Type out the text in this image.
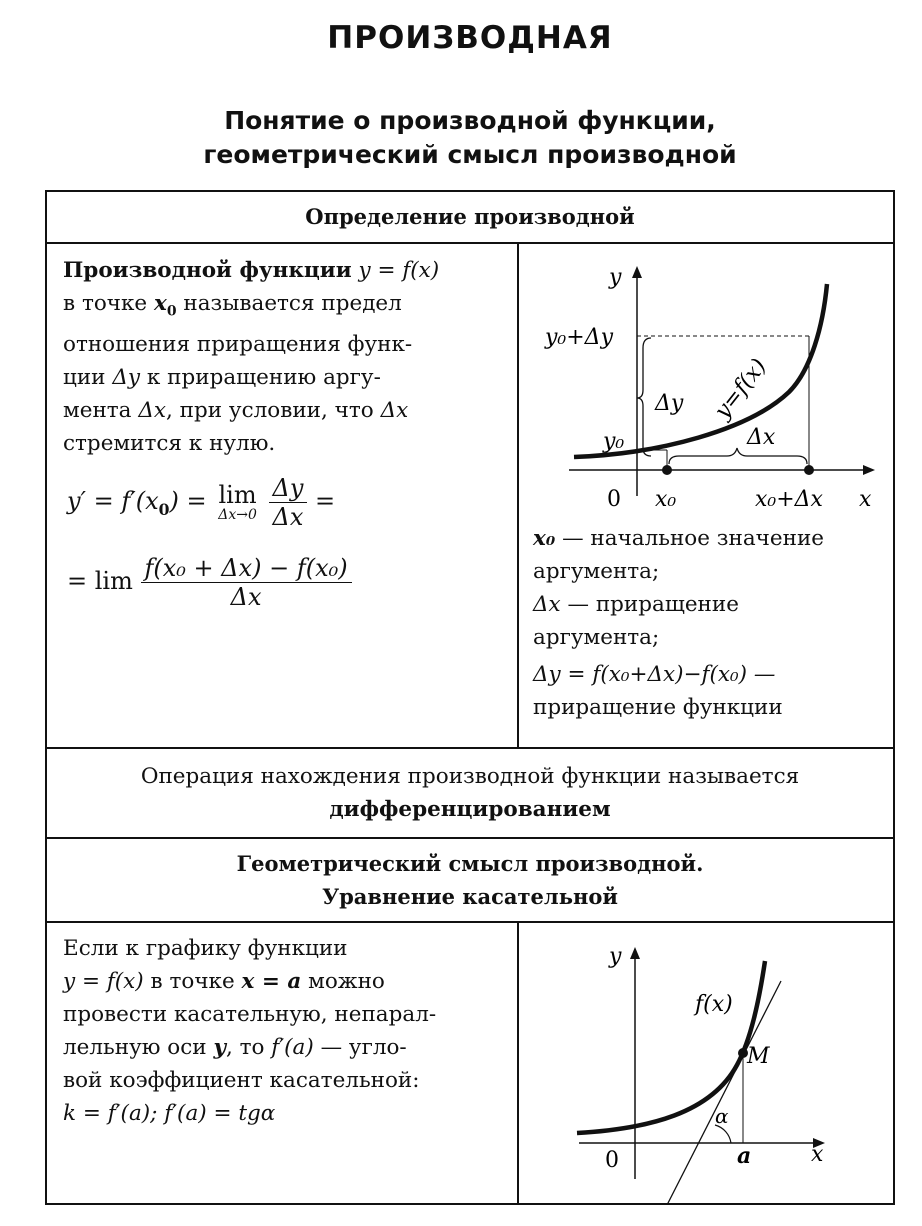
ПРОИЗВОДНАЯ
Понятие о производной функции,
геометрический смысл производной
Определение производной
Производной функции y = f(x)
в точке $x_0$ называется предел
отношения приращения функ-
ции Δy к приращению аргу-
мента Δx, при условии, что Δx
стремится к нулю.
$y' = f'(x_0) = \lim$
Δx→0
$\frac{\Delta y}{\Delta x}$ =
= $\lim \frac{\text{f(x₀ + Δx) − f(x₀)}}{\Delta x}$
y
x
0
y₀+Δy
y₀
Δy
Δx
x₀	x₀+Δx
y=f(x)
x₀ — начальное значение
аргумента;
Δx — приращение
аргумента;
Δy = f(x₀+Δx)−f(x₀) —
приращение функции
Операция нахождения производной функции называется
дифференцированием
Геометрический смысл производной.
Уравнение касательной
Если к графику функции
y = f(x) в точке x = a можно
провести касательную, непарал-
лельную оси y, то f′(a) — угло-
вой коэффициент касательной:
k = f′(a); f′(a) = tgα
y
x
0
f(x)
M
α
a
